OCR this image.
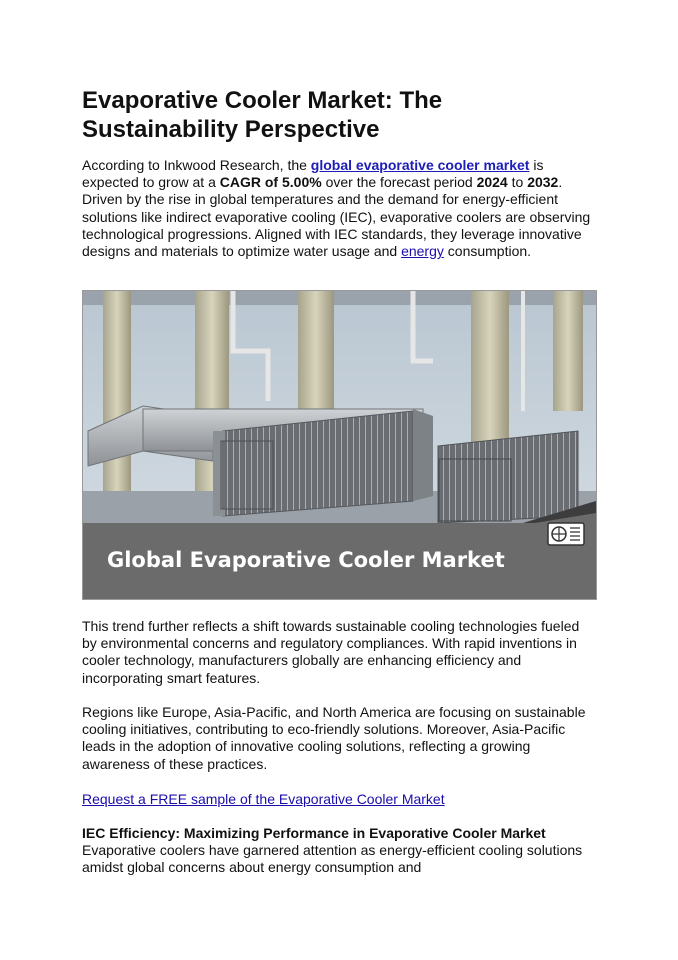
Evaporative Cooler Market: The Sustainability Perspective

According to Inkwood Research, the global evaporative cooler market is expected to grow at a CAGR of 5.00% over the forecast period 2024 to 2032. Driven by the rise in global temperatures and the demand for energy-efficient solutions like indirect evaporative cooling (IEC), evaporative coolers are observing technological progressions. Aligned with IEC standards, they leverage innovative designs and materials to optimize water usage and energy consumption.

Global Evaporative Cooler Market

This trend further reflects a shift towards sustainable cooling technologies fueled by environmental concerns and regulatory compliances. With rapid inventions in cooler technology, manufacturers globally are enhancing efficiency and incorporating smart features.

Regions like Europe, Asia-Pacific, and North America are focusing on sustainable cooling initiatives, contributing to eco-friendly solutions. Moreover, Asia-Pacific leads in the adoption of innovative cooling solutions, reflecting a growing awareness of these practices.

Request a FREE sample of the Evaporative Cooler Market

IEC Efficiency: Maximizing Performance in Evaporative Cooler Market

Evaporative coolers have garnered attention as energy-efficient cooling solutions amidst global concerns about energy consumption and
